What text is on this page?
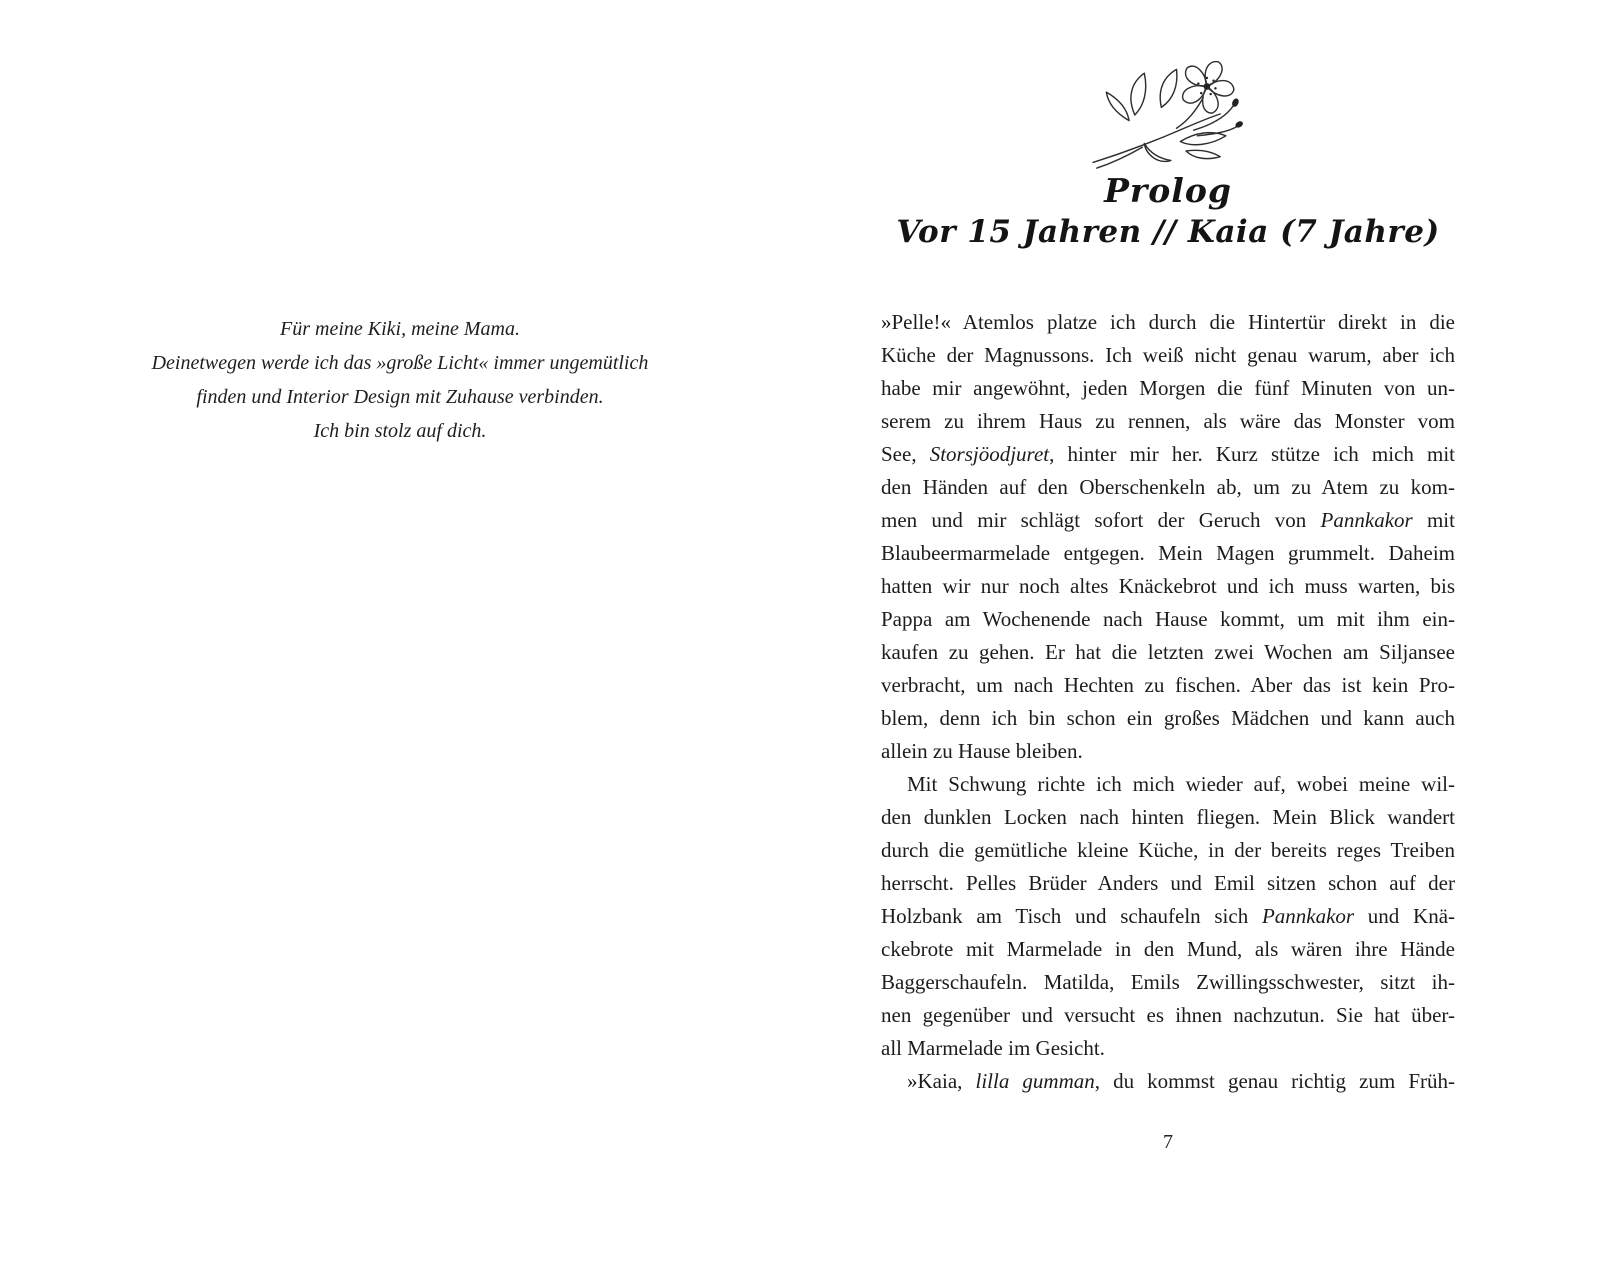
Für meine Kiki, meine Mama.
Deinetwegen werde ich das »große Licht« immer ungemütlich
finden und Interior Design mit Zuhause verbinden.
Ich bin stolz auf dich.
Prolog
Vor 15 Jahren // Kaia (7 Jahre)
»Pelle!« Atemlos platze ich durch die Hintertür direkt in die
Küche der Magnussons. Ich weiß nicht genau warum, aber ich
habe mir angewöhnt, jeden Morgen die fünf Minuten von un-
serem zu ihrem Haus zu rennen, als wäre das Monster vom
See, Storsjöodjuret, hinter mir her. Kurz stütze ich mich mit
den Händen auf den Oberschenkeln ab, um zu Atem zu kom-
men und mir schlägt sofort der Geruch von Pannkakor mit
Blaubeermarmelade entgegen. Mein Magen grummelt. Daheim
hatten wir nur noch altes Knäckebrot und ich muss warten, bis
Pappa am Wochenende nach Hause kommt, um mit ihm ein-
kaufen zu gehen. Er hat die letzten zwei Wochen am Siljansee
verbracht, um nach Hechten zu fischen. Aber das ist kein Pro-
blem, denn ich bin schon ein großes Mädchen und kann auch
allein zu Hause bleiben.
Mit Schwung richte ich mich wieder auf, wobei meine wil-
den dunklen Locken nach hinten fliegen. Mein Blick wandert
durch die gemütliche kleine Küche, in der bereits reges Treiben
herrscht. Pelles Brüder Anders und Emil sitzen schon auf der
Holzbank am Tisch und schaufeln sich Pannkakor und Knä-
ckebrote mit Marmelade in den Mund, als wären ihre Hände
Baggerschaufeln. Matilda, Emils Zwillingsschwester, sitzt ih-
nen gegenüber und versucht es ihnen nachzutun. Sie hat über-
all Marmelade im Gesicht.
»Kaia, lilla gumman, du kommst genau richtig zum Früh-
7
